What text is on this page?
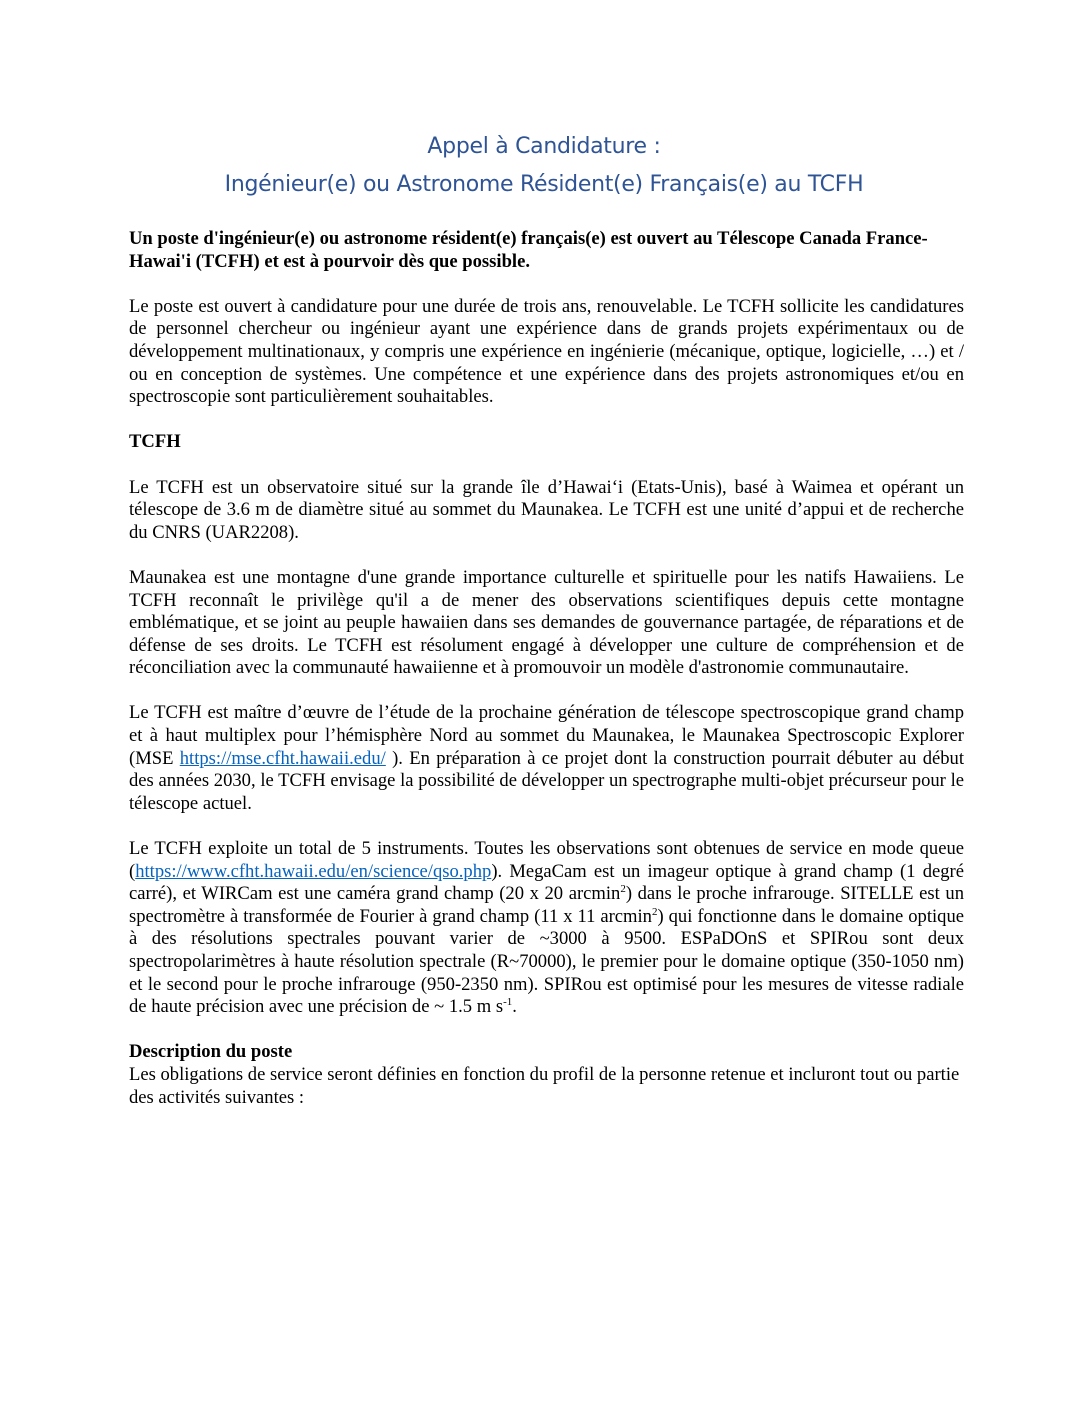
Appel à Candidature :
Ingénieur(e) ou Astronome Résident(e) Français(e) au TCFH

Un poste d'ingénieur(e) ou astronome résident(e) français(e) est ouvert au Télescope Canada France- Hawai'i (TCFH) et est à pourvoir dès que possible.

Le poste est ouvert à candidature pour une durée de trois ans, renouvelable. Le TCFH sollicite les candidatures de personnel chercheur ou ingénieur ayant une expérience dans de grands projets expérimentaux ou de développement multinationaux, y compris une expérience en ingénierie (mécanique, optique, logicielle, …) et / ou en conception de systèmes. Une compétence et une expérience dans des projets astronomiques et/ou en spectroscopie sont particulièrement souhaitables.

TCFH

Le TCFH est un observatoire situé sur la grande île d’Hawai‘i (Etats-Unis), basé à Waimea et opérant un télescope de 3.6 m de diamètre situé au sommet du Maunakea. Le TCFH est une unité d’appui et de recherche du CNRS (UAR2208).

Maunakea est une montagne d'une grande importance culturelle et spirituelle pour les natifs Hawaiiens. Le TCFH reconnaît le privilège qu'il a de mener des observations scientifiques depuis cette montagne emblématique, et se joint au peuple hawaiien dans ses demandes de gouvernance partagée, de réparations et de défense de ses droits. Le TCFH est résolument engagé à développer une culture de compréhension et de réconciliation avec la communauté hawaiienne et à promouvoir un modèle d'astronomie communautaire.

Le TCFH est maître d’œuvre de l’étude de la prochaine génération de télescope spectroscopique grand champ et à haut multiplex pour l’hémisphère Nord au sommet du Maunakea, le Maunakea Spectroscopic Explorer (MSE https://mse.cfht.hawaii.edu/ ). En préparation à ce projet dont la construction pourrait débuter au début des années 2030, le TCFH envisage la possibilité de développer un spectrographe multi-objet précurseur pour le télescope actuel.

Le TCFH exploite un total de 5 instruments. Toutes les observations sont obtenues de service en mode queue (https://www.cfht.hawaii.edu/en/science/qso.php). MegaCam est un imageur optique à grand champ (1 degré carré), et WIRCam est une caméra grand champ (20 x 20 arcmin$^2$) dans le proche infrarouge. SITELLE est un spectromètre à transformée de Fourier à grand champ (11 x 11 arcmin$^2$) qui fonctionne dans le domaine optique à des résolutions spectrales pouvant varier de ~3000 à 9500. ESPaDOnS et SPIRou sont deux spectropolarimètres à haute résolution spectrale (R~70000), le premier pour le domaine optique (350-1050 nm) et le second pour le proche infrarouge (950-2350 nm). SPIRou est optimisé pour les mesures de vitesse radiale de haute précision avec une précision de ~ 1.5 m $s^{-1}$.

Description du poste

Les obligations de service seront définies en fonction du profil de la personne retenue et incluront tout ou partie des activités suivantes :
